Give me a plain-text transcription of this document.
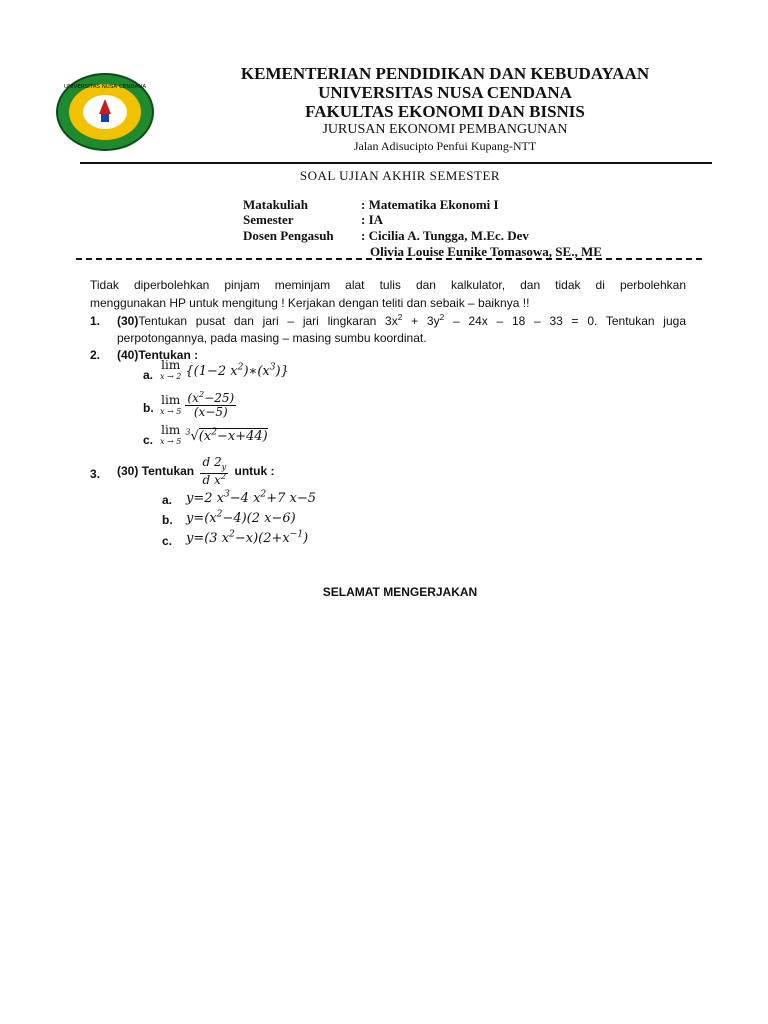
UNIVERSITAS NUSA CENDANA
KEMENTERIAN PENDIDIKAN DAN KEBUDAYAAN
UNIVERSITAS NUSA CENDANA
FAKULTAS EKONOMI DAN BISNIS
JURUSAN EKONOMI PEMBANGUNAN
Jalan Adisucipto Penfui Kupang-NTT
SOAL UJIAN AKHIR SEMESTER
Matakuliah	: Matematika Ekonomi I
Semester	: IA
Dosen Pengasuh : Cicilia A. Tungga, M.Ec. Dev
Olivia Louise Eunike Tomasowa, SE., ME
Tidak diperbolehkan pinjam meminjam alat tulis dan kalkulator, dan tidak di perbolehkan
menggunakan HP untuk mengitung ! Kerjakan dengan teliti dan sebaik – baiknya !!
1. (30)Tentukan pusat dan jari – jari lingkaran $3x^2 + 3y^2 - 24x - 18 - 33 = 0$. Tentukan juga
perpotongannya, pada masing – masing sumbu koordinat.
2. (40)Tentukan :
a.
lim
x → 2 {(1−2 $x^2)∗(x^3)$}
b.
lim
x → 5
$\frac{(x^2-25)}{(x-5)}$
c.
lim
x → 5
$^3√(x^2-x+44)$
3. (30) Tentukan $\frac{d 2_y}{d x^2}$ untuk :
a. y=2 $x^3-4$ $x^2+7$ x−5
b. $y=(x^2-4)(2$ x−6)
c. y=(3 $x^2-x)(2+x^{-1})$
SELAMAT MENGERJAKAN
